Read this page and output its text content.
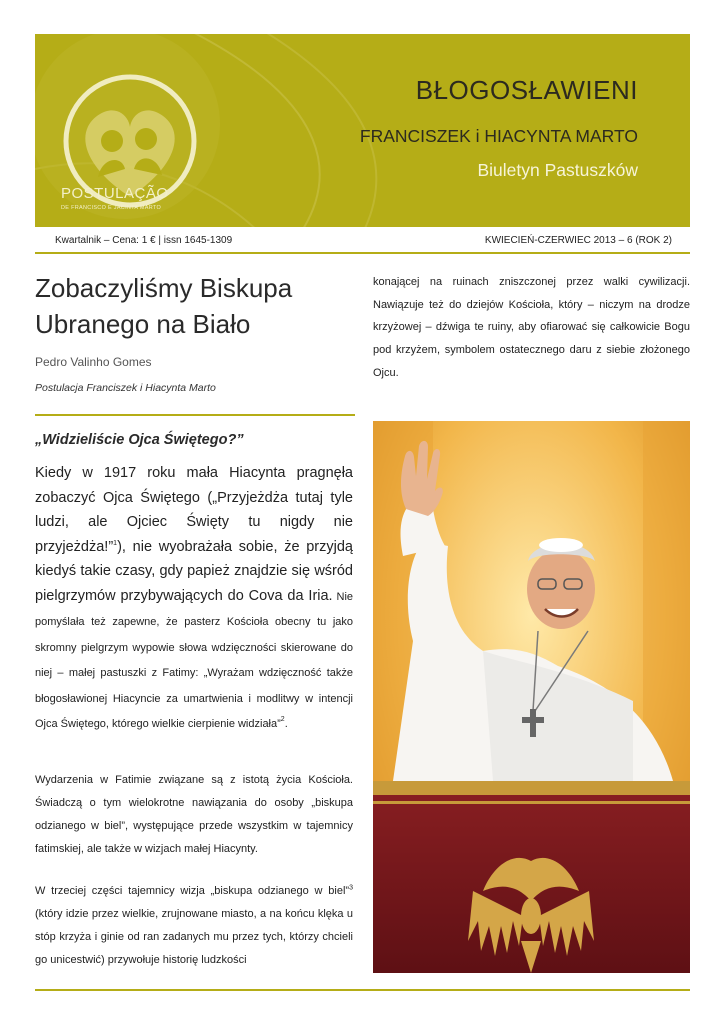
POSTULAÇÃO
DE FRANCISCO E JACINTA MARTO
BŁOGOSŁAWIENI
FRANCISZEK i HIACYNTA MARTO
Biuletyn Pastuszków
Kwartalnik – Cena: 1 € | issn 1645-1309	KWIECIEŃ-CZERWIEC 2013 – 6 (ROK 2)
Zobaczyliśmy Biskupa Ubranego na Biało
Pedro Valinho Gomes
Postulacja Franciszek i Hiacynta Marto
„Widzieliście Ojca Świętego?”
Kiedy w 1917 roku mała Hiacynta pragnęła zobaczyć Ojca Świętego („Przyjeżdża tutaj tyle ludzi, ale Ojciec Święty tu nigdy nie przyjeżdża!”$^1$), nie wyobrażała sobie, że przyjdą kiedyś takie czasy, gdy papież znajdzie się wśród pielgrzymów przybywających do Cova da Iria. Nie pomyślała też zapewne, że pasterz Kościoła obecny tu jako skromny pielgrzym wypowie słowa wdzięczności skierowane do niej – małej pastuszki z Fatimy: „Wyrażam wdzięczność także błogosławionej Hiacyncie za umartwienia i modlitwy w intencji Ojca Świętego, którego wielkie cierpienie widziała”$^2$.
Wydarzenia w Fatimie związane są z istotą życia Kościoła. Świadczą o tym wielokrotne nawiązania do osoby „biskupa odzianego w biel”, występujące przede wszystkim w tajemnicy fatimskiej, ale także w wizjach małej Hiacynty.
W trzeciej części tajemnicy wizja „biskupa odzianego w biel”$^3$ (który idzie przez wielkie, zrujnowane miasto, a na końcu klęka u stóp krzyża i ginie od ran zadanych mu przez tych, którzy chcieli go unicestwić) przywołuje historię ludzkości
konającej na ruinach zniszczonej przez walki cywilizacji. Nawiązuje też do dziejów Kościoła, który – niczym na drodze krzyżowej – dźwiga te ruiny, aby ofiarować się całkowicie Bogu pod krzyżem, symbolem ostatecznego daru z siebie złożonego Ojcu.
